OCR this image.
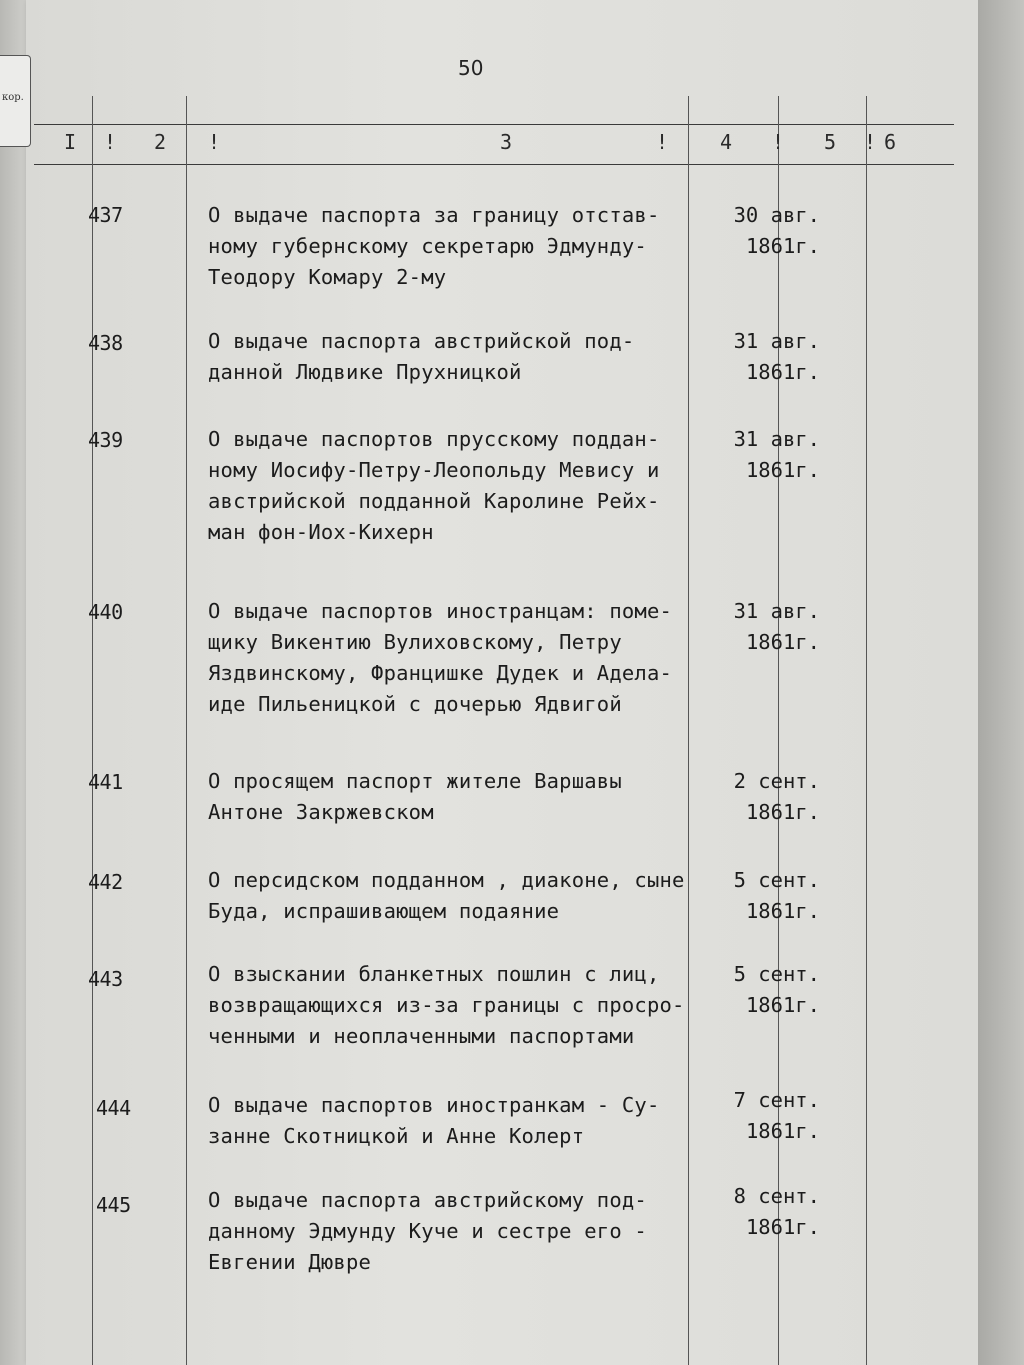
кор.
50
I ! 2 !	3	!	4 ! 5 ! 6
437	О выдаче паспорта за границу отстав-
ному губернскому секретарю Эдмунду-
Теодору Комару 2-му
30 авг.
1861г.
438	О выдаче паспорта австрийской под-
данной Людвике Прухницкой
31 авг.
1861г.
439	О выдаче паспортов прусскому поддан-
ному Иосифу-Петру-Леопольду Мевису и
австрийской подданной Каролине Рейх-
ман фон-Иох-Кихерн
31 авг.
1861г.
440	О выдаче паспортов иностранцам: поме-
щику Викентию Вулиховскому, Петру
Яздвинскому, Францишке Дудек и Адела-
иде Пильеницкой с дочерью Ядвигой
31 авг.
1861г.
441	О просящем паспорт жителе Варшавы
Антоне Закржевском
2 сент.
1861г.
442	О персидском подданном , диаконе, сыне
Буда, испрашивающем подаяние
5 сент.
1861г.
443	О взыскании бланкетных пошлин с лиц,
возвращающихся из-за границы с просро-
ченными и неоплаченными паспортами
5 сент.
1861г.
444	О выдаче паспортов иностранкам - Су-
занне Скотницкой и Анне Колерт
7 сент.
1861г.
445	О выдаче паспорта австрийскому под-
данному Эдмунду Куче и сестре его -
Евгении Дювре
8 сент.
1861г.
